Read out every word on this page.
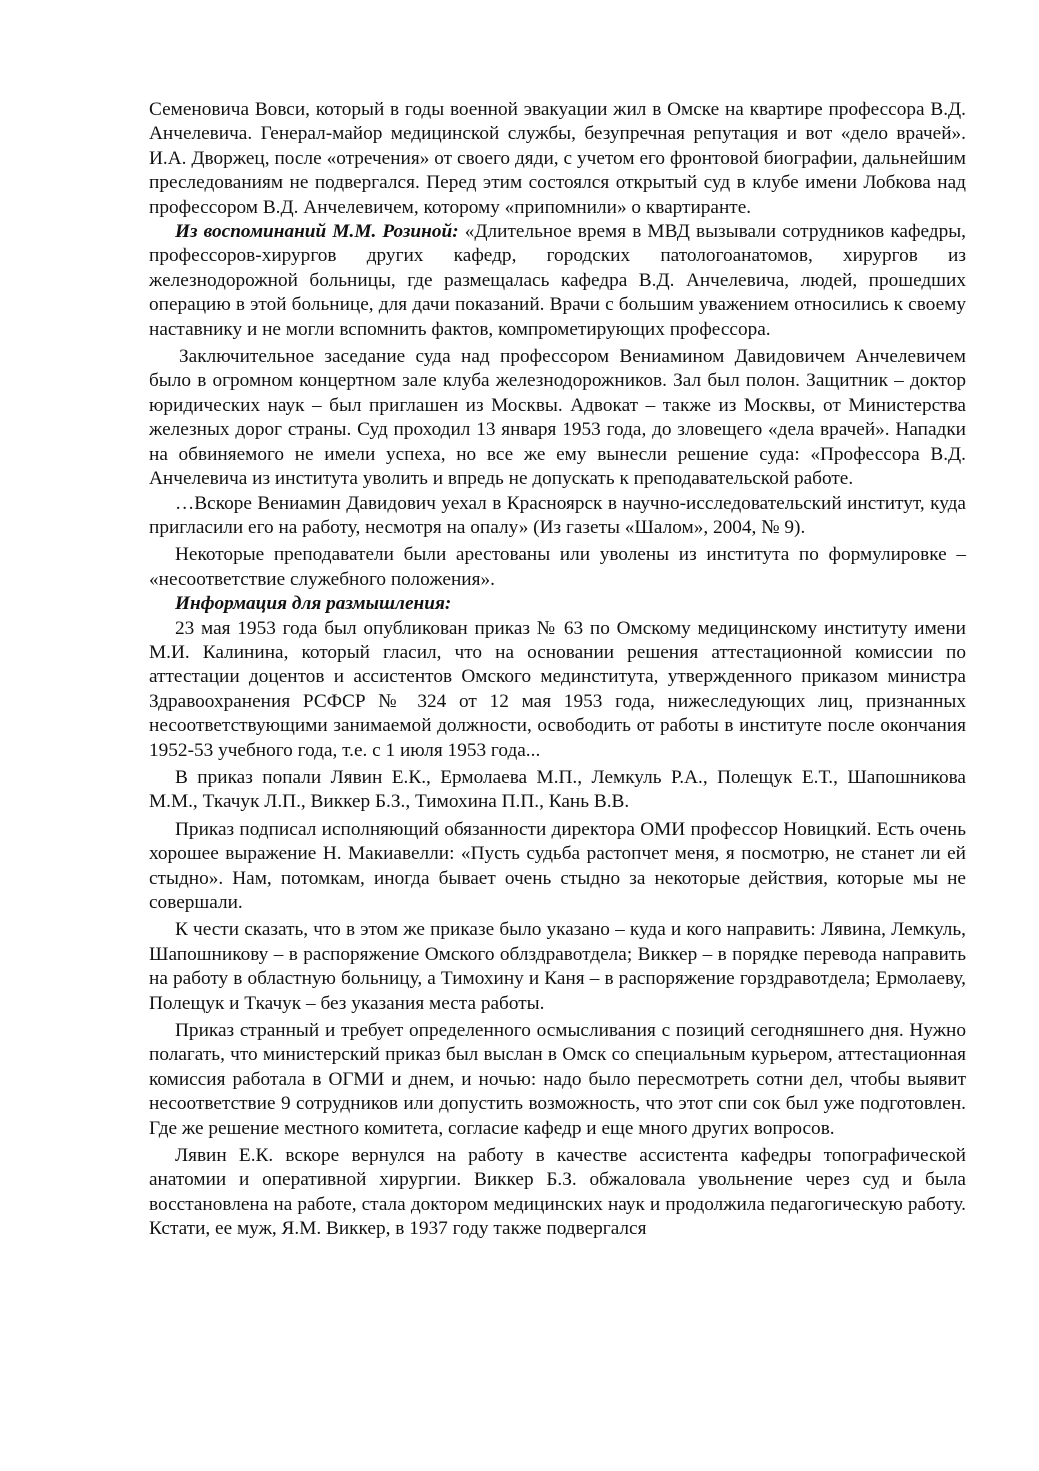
Семеновича Вовси, который в годы военной эвакуации жил в Омске на квартире профессора В.Д. Анчелевича. Генерал-майор медицинской службы, безупречная репутация и вот «дело врачей». И.А. Дворжец, после «отречения» от своего дяди, с учетом его фронтовой биографии, дальнейшим преследованиям не подвергался. Перед этим состоялся открытый суд в клубе имени Лобкова над профессором В.Д. Анчелевичем, которому «припомнили» о квартиранте.

Из воспоминаний М.М. Розиной: «Длительное время в МВД вызывали сотрудников кафедры, профессоров-хирургов других кафедр, городских патологоанатомов, хирургов из железнодорожной больницы, где размещалась кафедра В.Д. Анчелевича, людей, прошедших операцию в этой больнице, для дачи показаний. Врачи с большим уважением относились к своему наставнику и не могли вспомнить фактов, компрометирующих профессора.

Заключительное заседание суда над профессором Вениамином Давидовичем Анчелевичем было в огромном концертном зале клуба железнодорожников. Зал был полон. Защитник – доктор юридических наук – был приглашен из Москвы. Адвокат – также из Москвы, от Министерства железных дорог страны. Суд проходил 13 января 1953 года, до зловещего «дела врачей». Нападки на обвиняемого не имели успеха, но все же ему вынесли решение суда: «Профессора В.Д. Анчелевича из института уволить и впредь не допускать к преподавательской работе.

…Вскоре Вениамин Давидович уехал в Красноярск в научно-исследовательский институт, куда пригласили его на работу, несмотря на опалу» (Из газеты «Шалом», 2004, № 9).

Некоторые преподаватели были арестованы или уволены из института по формулировке – «несоответствие служебного положения».

Информация для размышления:

23 мая 1953 года был опубликован приказ № 63 по Омскому медицинскому институту имени М.И. Калинина, который гласил, что на основании решения аттестационной комиссии по аттестации доцентов и ассистентов Омского мединститута, утвержденного приказом министра Здравоохранения РСФСР № 324 от 12 мая 1953 года, нижеследующих лиц, признанных несоответствующими занимаемой должности, освободить от работы в институте после окончания 1952-53 учебного года, т.е. с 1 июля 1953 года...

В приказ попали Лявин Е.К., Ермолаева М.П., Лемкуль Р.А., Полещук Е.Т., Шапошникова М.М., Ткачук Л.П., Виккер Б.З., Тимохина П.П., Кань В.В.

Приказ подписал исполняющий обязанности директора ОМИ профессор Новицкий. Есть очень хорошее выражение Н. Макиавелли: «Пусть судьба растопчет меня, я посмотрю, не станет ли ей стыдно». Нам, потомкам, иногда бывает очень стыдно за некоторые действия, которые мы не совершали.

К чести сказать, что в этом же приказе было указано – куда и кого направить: Лявина, Лемкуль, Шапошникову – в распоряжение Омского облздравотдела; Виккер – в порядке перевода направить на работу в областную больницу, а Тимохину и Каня – в распоряжение горздравотдела; Ермолаеву, Полещук и Ткачук – без указания места работы.

Приказ странный и требует определенного осмысливания с позиций сегодняшнего дня. Нужно полагать, что министерский приказ был выслан в Омск со специальным курьером, аттестационная комиссия работала в ОГМИ и днем, и ночью: надо было пересмотреть сотни дел, чтобы выявит несоответствие 9 сотрудников или допустить возможность, что этот спи сок был уже подготовлен. Где же решение местного комитета, согласие кафедр и еще много других вопросов.

Лявин Е.К. вскоре вернулся на работу в качестве ассистента кафедры топографической анатомии и оперативной хирургии. Виккер Б.З. обжаловала увольнение через суд и была восстановлена на работе, стала доктором медицинских наук и продолжила педагогическую работу. Кстати, ее муж, Я.М. Виккер, в 1937 году также подвергался
